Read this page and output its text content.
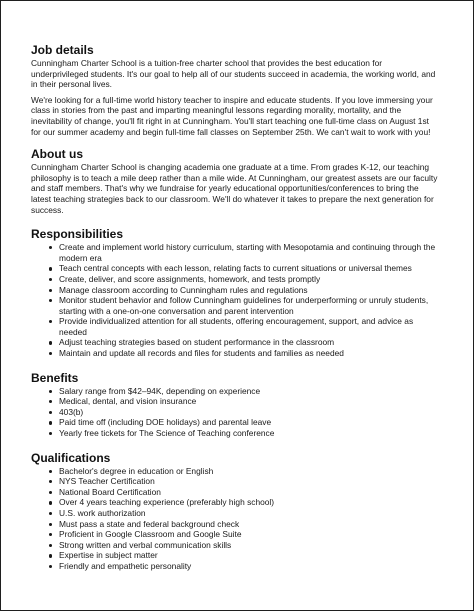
Job details

Cunningham Charter School is a tuition-free charter school that provides the best education for underprivileged students. It's our goal to help all of our students succeed in academia, the working world, and in their personal lives.

We're looking for a full-time world history teacher to inspire and educate students. If you love immersing your class in stories from the past and imparting meaningful lessons regarding morality, mortality, and the inevitability of change, you'll fit right in at Cunningham. You'll start teaching one full-time class on August 1st for our summer academy and begin full-time fall classes on September 25th. We can't wait to work with you!

About us

Cunningham Charter School is changing academia one graduate at a time. From grades K-12, our teaching philosophy is to teach a mile deep rather than a mile wide. At Cunningham, our greatest assets are our faculty and staff members. That's why we fundraise for yearly educational opportunities/conferences to bring the latest teaching strategies back to our classroom. We'll do whatever it takes to prepare the next generation for success.

Responsibilities
Create and implement world history curriculum, starting with Mesopotamia and continuing through the modern era
Teach central concepts with each lesson, relating facts to current situations or universal themes
Create, deliver, and score assignments, homework, and tests promptly
Manage classroom according to Cunningham rules and regulations
Monitor student behavior and follow Cunningham guidelines for underperforming or unruly students, starting with a one-on-one conversation and parent intervention
Provide individualized attention for all students, offering encouragement, support, and advice as needed
Adjust teaching strategies based on student performance in the classroom
Maintain and update all records and files for students and families as needed
Benefits
Salary range from $42–94K, depending on experience
Medical, dental, and vision insurance
403(b)
Paid time off (including DOE holidays) and parental leave
Yearly free tickets for The Science of Teaching conference
Qualifications
Bachelor's degree in education or English
NYS Teacher Certification
National Board Certification
Over 4 years teaching experience (preferably high school)
U.S. work authorization
Must pass a state and federal background check
Proficient in Google Classroom and Google Suite
Strong written and verbal communication skills
Expertise in subject matter
Friendly and empathetic personality
